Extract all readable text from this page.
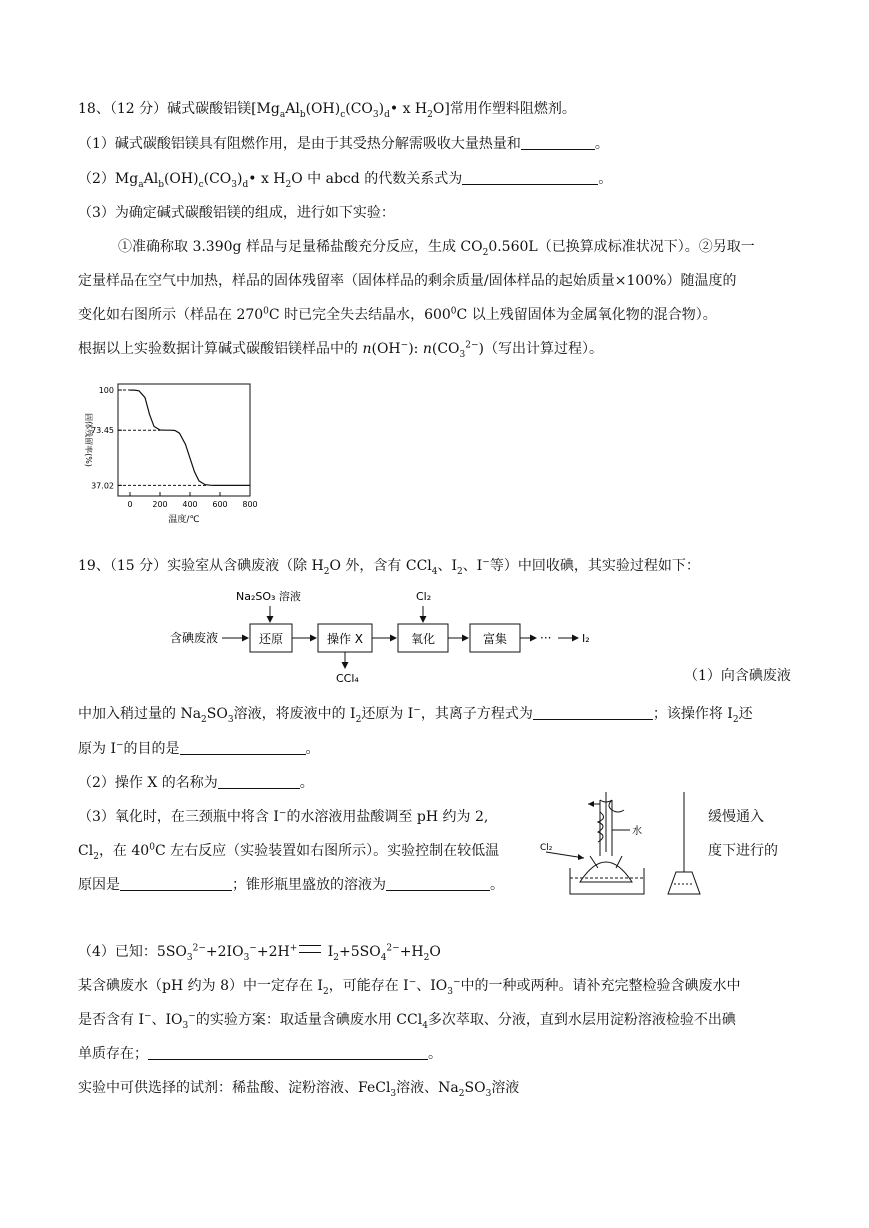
18、（12 分）碱式碳酸铝镁[$Mg_aAl_b(OH)_c(CO_3)_d•$ x $H_2O$]常用作塑料阻燃剂。
（1）碱式碳酸铝镁具有阻燃作用，是由于其受热分解需吸收大量热量和	。
$(2)Mg_aAl_b(OH)_c(CO_3)_d•$ x $H_2O$ 中 abcd 的代数关系式为	。
（3）为确定碱式碳酸铝镁的组成，进行如下实验：
①准确称取 3.390g 样品与足量稀盐酸充分反应，生成 $CO_20.560L$（已换算成标准状况下）。②另取一
定量样品在空气中加热，样品的固体残留率（固体样品的剩余质量/固体样品的起始质量×100%）随温度的
变化如右图所示（样品在 $270^0C$ 时已完全失去结晶水，$600^0C$ 以上残留固体为金属氧化物的混合物）。
根据以上实验数据计算碱式碳酸铝镁样品中的 n(OH−): $n(CO_3^{2-})$（写出计算过程）。
100
73.45
37.02
0 200 400 600 800
温度/℃
固体残留率(%)
19、（15 分）实验室从含碘废液（除 $H_2O$ 外，含有 CCl$_4$、$I_2$、I−等）中回收碘，其实验过程如下：
含碘废液
Na₂SO₃ 溶液
还原	操作 X
CCl₄
Cl₂
氧化	富集	···	I₂
（1）向含碘废液
中加入稍过量的 $Na_2SO_3$溶液，将废液中的 $I_2$还原为 I−，其离子方程式为	；该操作将 $I_2$还
原为 I−的目的是	。
（2）操作 X 的名称为	。
（3）氧化时，在三颈瓶中将含 I−的水溶液用盐酸调至 pH 约为 2,	缓慢通入
$Cl_2$，在 $40^0C$ 左右反应（实验装置如右图所示）。实验控制在较低温	度下进行的
原因是	；锥形瓶里盛放的溶液为	。
水
Cl₂
（4）已知：$5SO_3^{2-}+2IO_3^-+2H^+$ $I_2+5SO_4^{2-}+H_2O$
某含碘废水（pH 约为 8）中一定存在 $I_2$，可能存在 I−、$IO_3^-$中的一种或两种。请补充完整检验含碘废水中
是否含有 I−、$IO_3^-$的实验方案：取适量含碘废水用 CCl$_4$多次萃取、分液，直到水层用淀粉溶液检验不出碘
单质存在；	。
实验中可供选择的试剂：稀盐酸、淀粉溶液、FeCl$_3$溶液、$Na_2SO_3$溶液
